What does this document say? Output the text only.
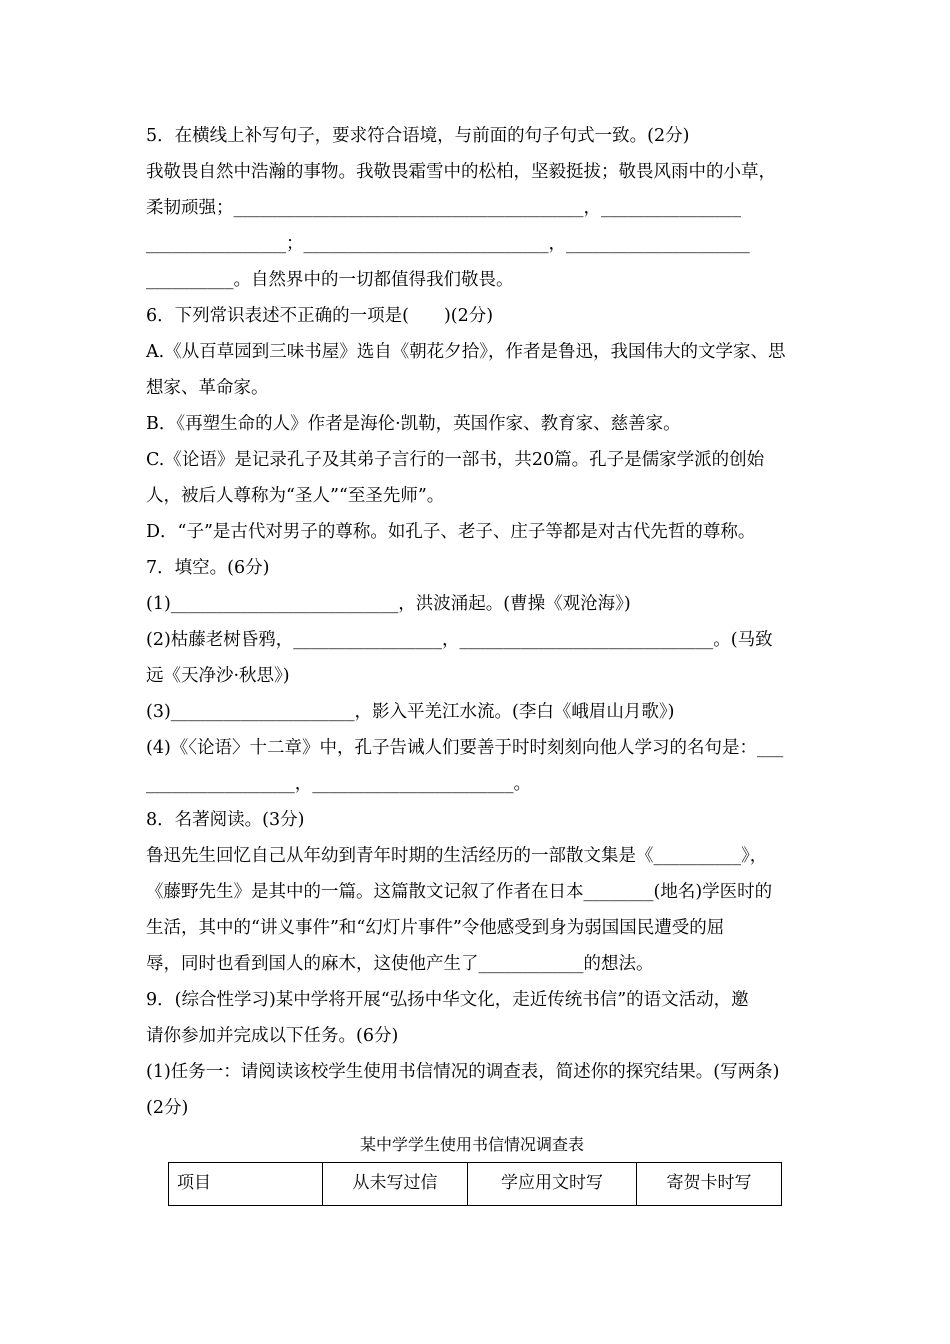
5．在横线上补写句子，要求符合语境，与前面的句子句式一致。(2分)
我敬畏自然中浩瀚的事物。我敬畏霜雪中的松柏，坚毅挺拔；敬畏风雨中的小草，
柔韧顽强；________________________________________，________________
________________；____________________________，_____________________
__________。自然界中的一切都值得我们敬畏。
6．下列常识表述不正确的一项是(　　)(2分)
A.《从百草园到三味书屋》选自《朝花夕拾》，作者是鲁迅，我国伟大的文学家、思
想家、革命家。
B．《再塑生命的人》作者是海伦·凯勒，英国作家、教育家、慈善家。
C.《论语》是记录孔子及其弟子言行的一部书，共20篇。孔子是儒家学派的创始
人，被后人尊称为“圣人”“至圣先师”。
D．“子”是古代对男子的尊称。如孔子、老子、庄子等都是对古代先哲的尊称。
7．填空。(6分)
(1)__________________________，洪波涌起。(曹操《观沧海》)
(2)枯藤老树昏鸦，_________________，_____________________________。(马致
远《天净沙·秋思》)
(3)_____________________，影入平羌江水流。(李白《峨眉山月歌》)
(4)《〈论语〉十二章》中，孔子告诫人们要善于时时刻刻向他人学习的名句是：___
_________________，_______________________。
8．名著阅读。(3分)
鲁迅先生回忆自己从年幼到青年时期的生活经历的一部散文集是《__________》，
《藤野先生》是其中的一篇。这篇散文记叙了作者在日本________(地名)学医时的
生活，其中的“讲义事件”和“幻灯片事件”令他感受到身为弱国国民遭受的屈
辱，同时也看到国人的麻木，这使他产生了____________的想法。
9．(综合性学习)某中学将开展“弘扬中华文化，走近传统书信”的语文活动，邀
请你参加并完成以下任务。(6分)
(1)任务一：请阅读该校学生使用书信情况的调查表，简述你的探究结果。(写两条)
(2分)
某中学学生使用书信情况调查表
项目	从未写过信	学应用文时写	寄贺卡时写
